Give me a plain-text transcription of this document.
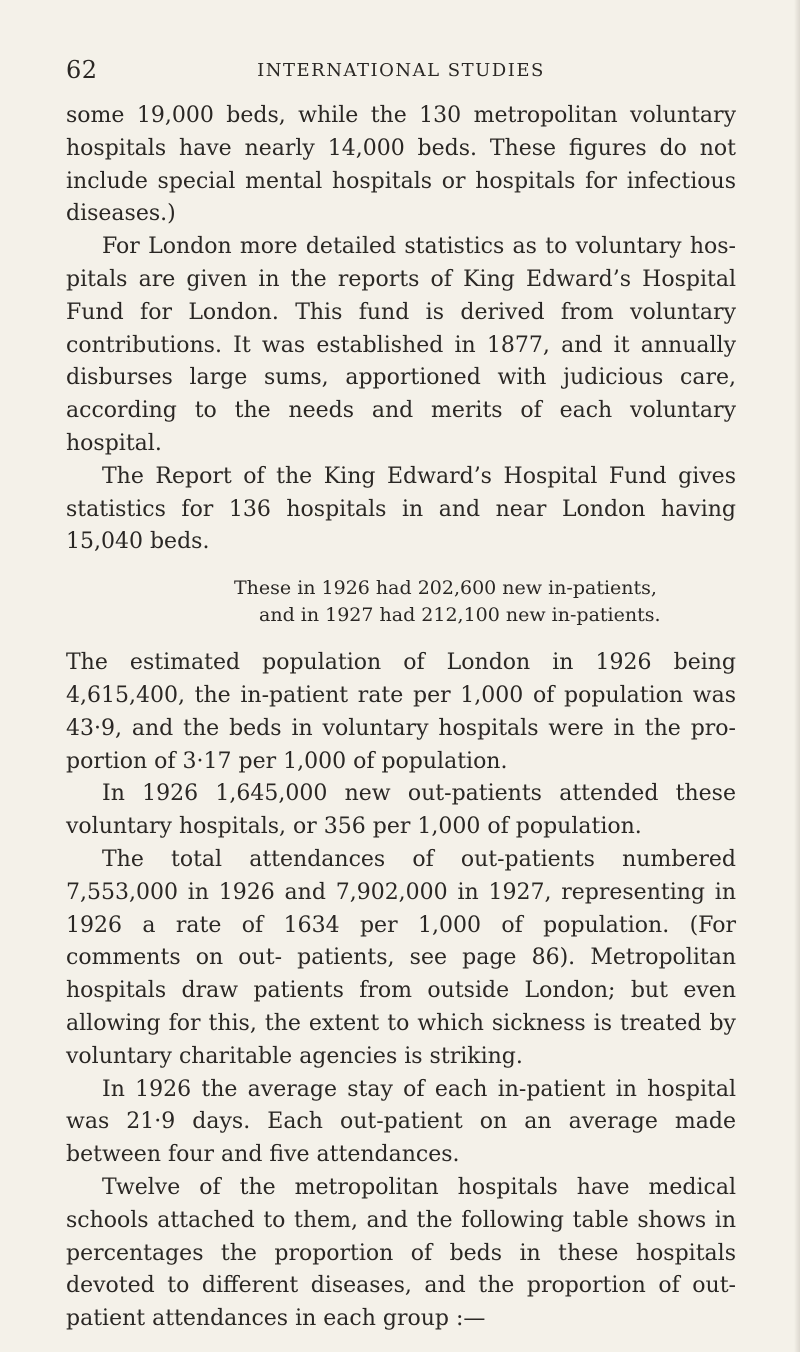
62	INTERNATIONAL STUDIES

some 19,000 beds, while the 130 metropolitan voluntary hospitals have nearly 14,000 beds. These figures do not include special mental hospitals or hospitals for infectious diseases.)

For London more detailed statistics as to voluntary hos- pitals are given in the reports of King Edward’s Hospital Fund for London. This fund is derived from voluntary contributions. It was established in 1877, and it annually disburses large sums, apportioned with judicious care, according to the needs and merits of each voluntary hospital.

The Report of the King Edward’s Hospital Fund gives statistics for 136 hospitals in and near London having 15,040 beds.

These in 1926 had 202,600 new in-patients,
and in 1927 had 212,100 new in-patients.

The estimated population of London in 1926 being 4,615,400, the in-patient rate per 1,000 of population was 43·9, and the beds in voluntary hospitals were in the pro- portion of 3·17 per 1,000 of population.

In 1926 1,645,000 new out-patients attended these voluntary hospitals, or 356 per 1,000 of population.

The total attendances of out-patients numbered 7,553,000 in 1926 and 7,902,000 in 1927, representing in 1926 a rate of 1634 per 1,000 of population. (For comments on out- patients, see page 86). Metropolitan hospitals draw patients from outside London; but even allowing for this, the extent to which sickness is treated by voluntary charitable agencies is striking.

In 1926 the average stay of each in-patient in hospital was 21·9 days. Each out-patient on an average made between four and five attendances.

Twelve of the metropolitan hospitals have medical schools attached to them, and the following table shows in percentages the proportion of beds in these hospitals devoted to different diseases, and the proportion of out- patient attendances in each group :—
